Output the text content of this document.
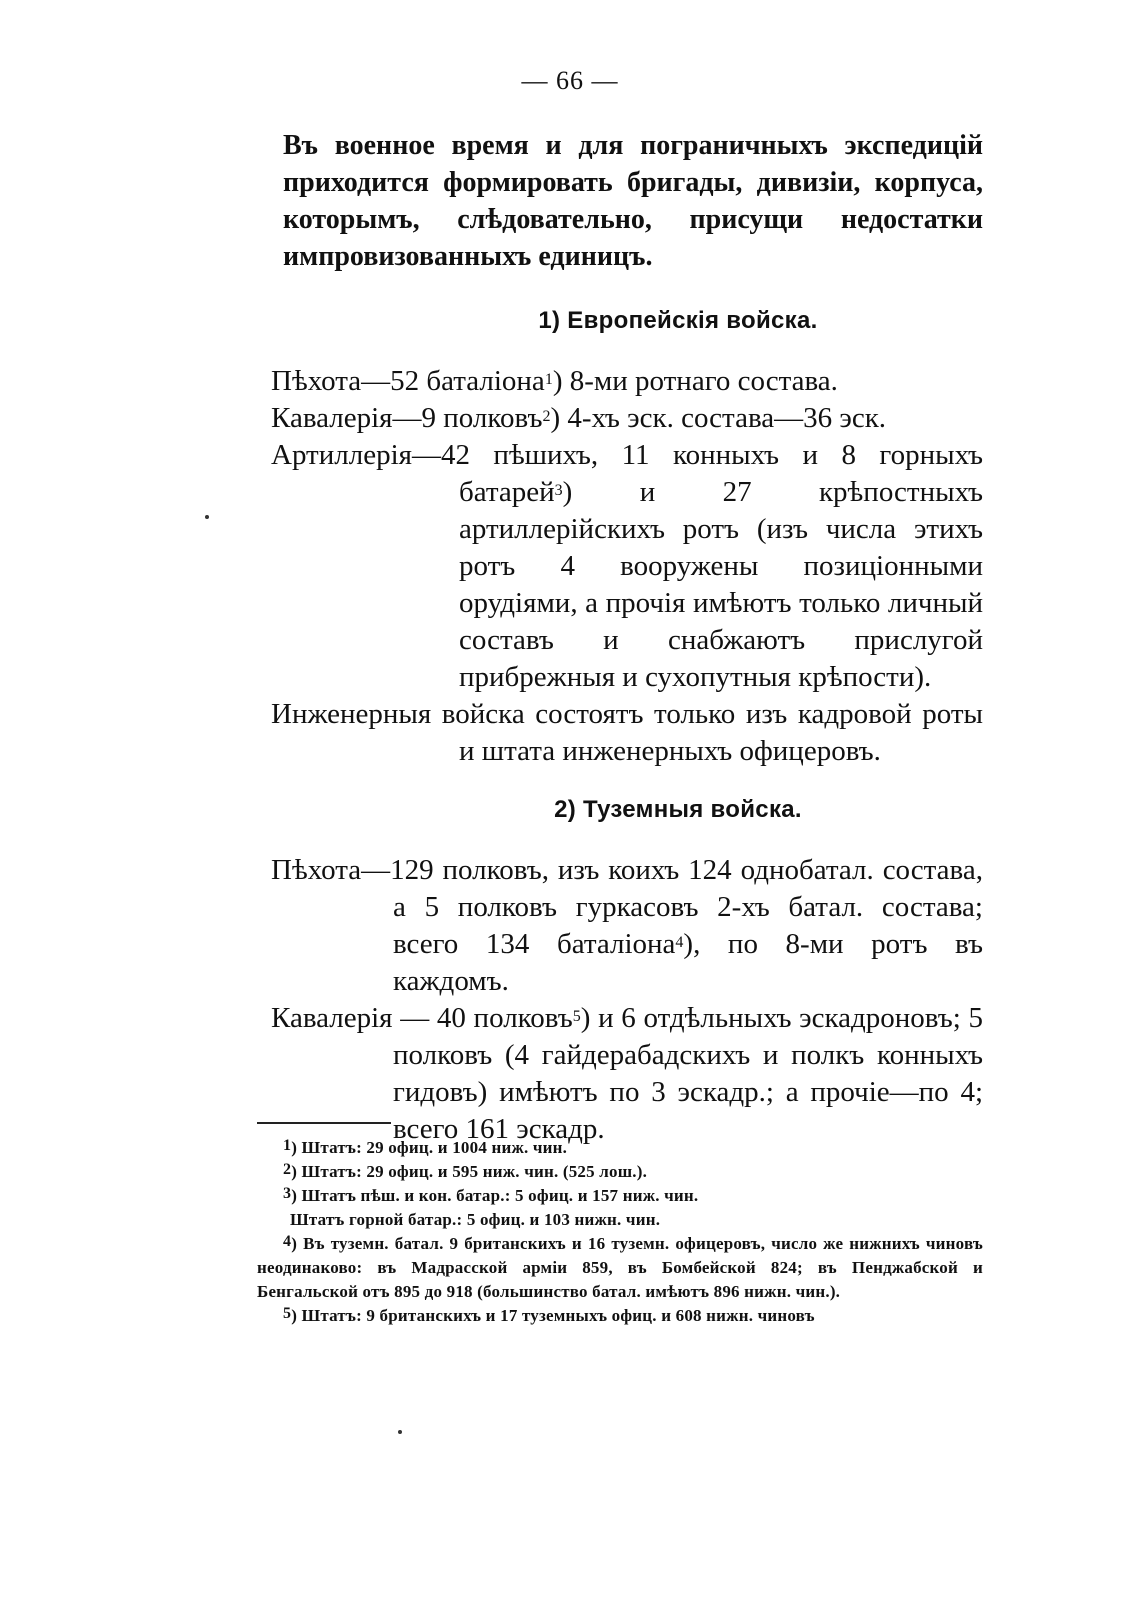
— 66 —

Въ военное время и для пограничныхъ экспедицій приходится формировать бригады, дивизіи, корпуса, которымъ, слѣдовательно, присущи недостатки импровизованныхъ единицъ.

1) Европейскія войска.
Пѣхота—52 баталіона$^1$) 8-ми ротнаго состава.
Кавалерія—9 полковъ$^2$) 4-хъ эск. состава—36 эск.
Артиллерія—42 пѣшихъ, 11 конныхъ и 8 горныхъ батарей$^3$) и 27 крѣпостныхъ артиллерійскихъ ротъ (изъ числа этихъ ротъ 4 вооружены позиціонными орудіями, а прочія имѣютъ только личный составъ и снабжаютъ прислугой прибрежныя и сухопутныя крѣпости).
Инженерныя войска состоятъ только изъ кадровой роты и штата инженерныхъ офицеровъ.
2) Туземныя войска.
Пѣхота—129 полковъ, изъ коихъ 124 однобатал. состава, а 5 полковъ гуркасовъ 2-хъ батал. состава; всего 134 баталіона$^4$), по 8-ми ротъ въ каждомъ.
Кавалерія — 40 полковъ$^5$) и 6 отдѣльныхъ эскадроновъ; 5 полковъ (4 гайдерабадскихъ и полкъ конныхъ гидовъ) имѣютъ по 3 эскадр.; а прочіе—по 4; всего 161 эскадр.

$^1$) Штатъ: 29 офиц. и 1004 ниж. чин.

$^2$) Штатъ: 29 офиц. и 595 ниж. чин. (525 лош.).

$^3$) Штатъ пѣш. и кон. батар.: 5 офиц. и 157 ниж. чин.

Штатъ горной батар.: 5 офиц. и 103 нижн. чин.

$^4$) Въ туземн. батал. 9 британскихъ и 16 туземн. офицеровъ, число же нижнихъ чиновъ неодинаково: въ Мадрасской арміи 859, въ Бомбейской 824; въ Пенджабской и Бенгальской отъ 895 до 918 (большинство батал. имѣютъ 896 нижн. чин.).

$^5$) Штатъ: 9 британскихъ и 17 туземныхъ офиц. и 608 нижн. чиновъ
